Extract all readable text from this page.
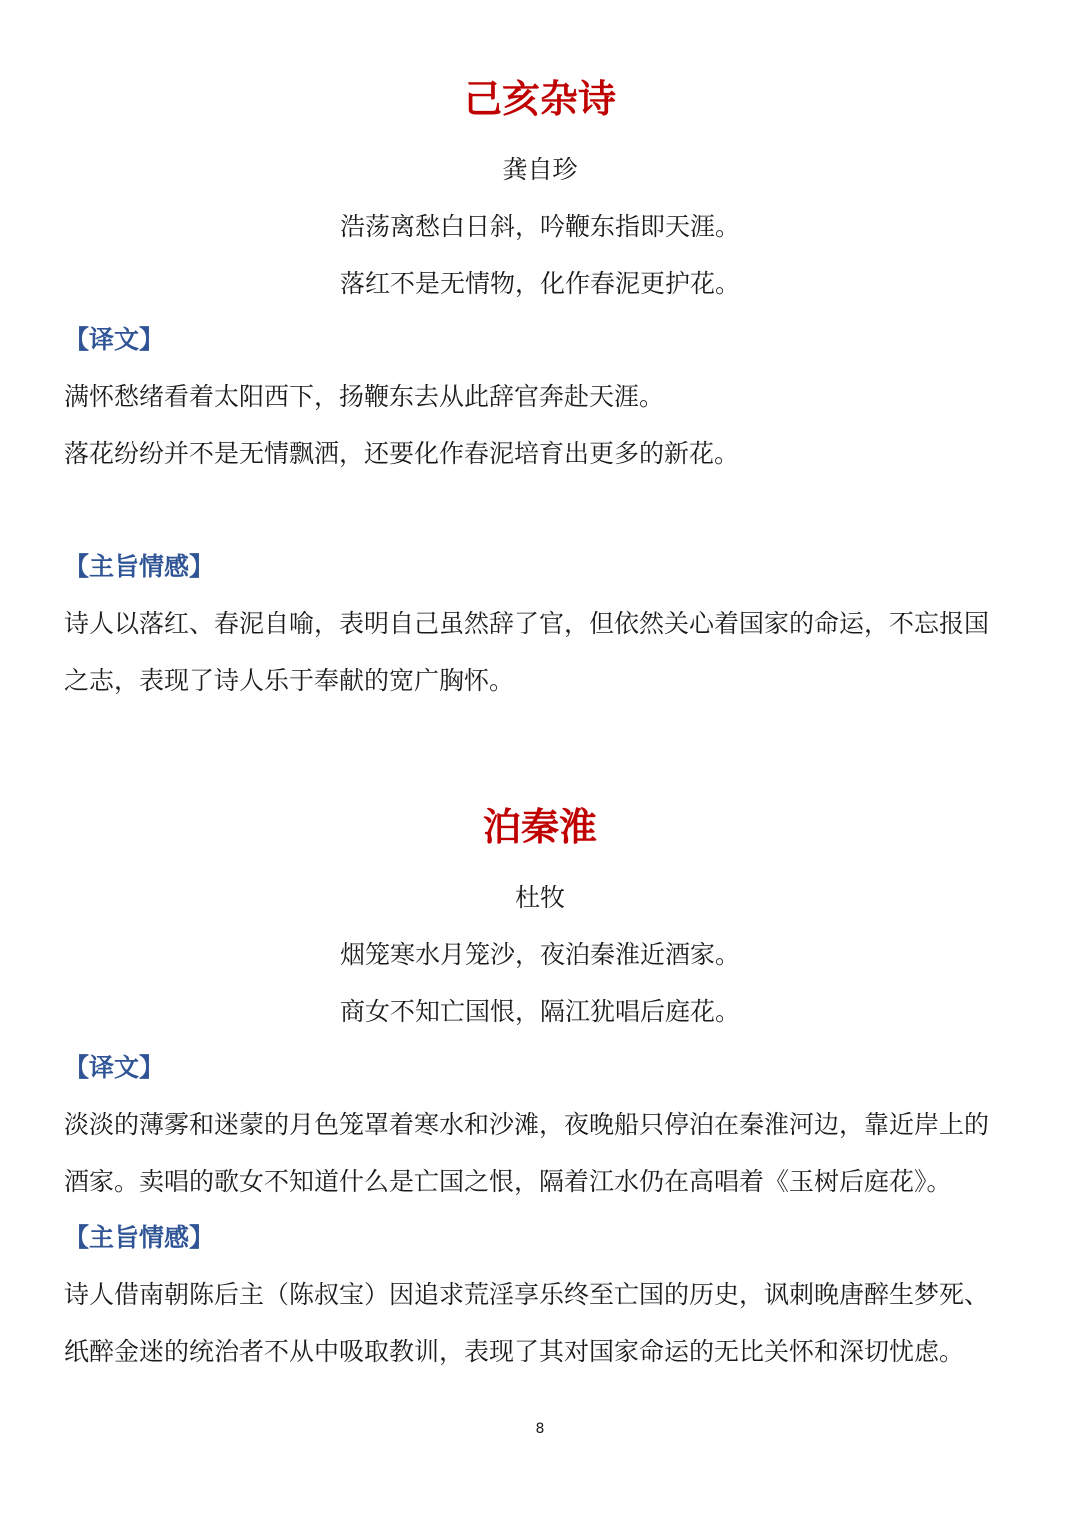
己亥杂诗

龚自珍

浩荡离愁白日斜，吟鞭东指即天涯。

落红不是无情物，化作春泥更护花。

【译文】

满怀愁绪看着太阳西下，扬鞭东去从此辞官奔赴天涯。

落花纷纷并不是无情飘洒，还要化作春泥培育出更多的新花。

【主旨情感】

诗人以落红、春泥自喻，表明自己虽然辞了官，但依然关心着国家的命运，不忘报国

之志，表现了诗人乐于奉献的宽广胸怀。

泊秦淮

杜牧

烟笼寒水月笼沙，夜泊秦淮近酒家。

商女不知亡国恨，隔江犹唱后庭花。

【译文】

淡淡的薄雾和迷蒙的月色笼罩着寒水和沙滩，夜晚船只停泊在秦淮河边，靠近岸上的

酒家。卖唱的歌女不知道什么是亡国之恨，隔着江水仍在高唱着《玉树后庭花》。

【主旨情感】

诗人借南朝陈后主（陈叔宝）因追求荒淫享乐终至亡国的历史，讽刺晚唐醉生梦死、

纸醉金迷的统治者不从中吸取教训，表现了其对国家命运的无比关怀和深切忧虑。

8
